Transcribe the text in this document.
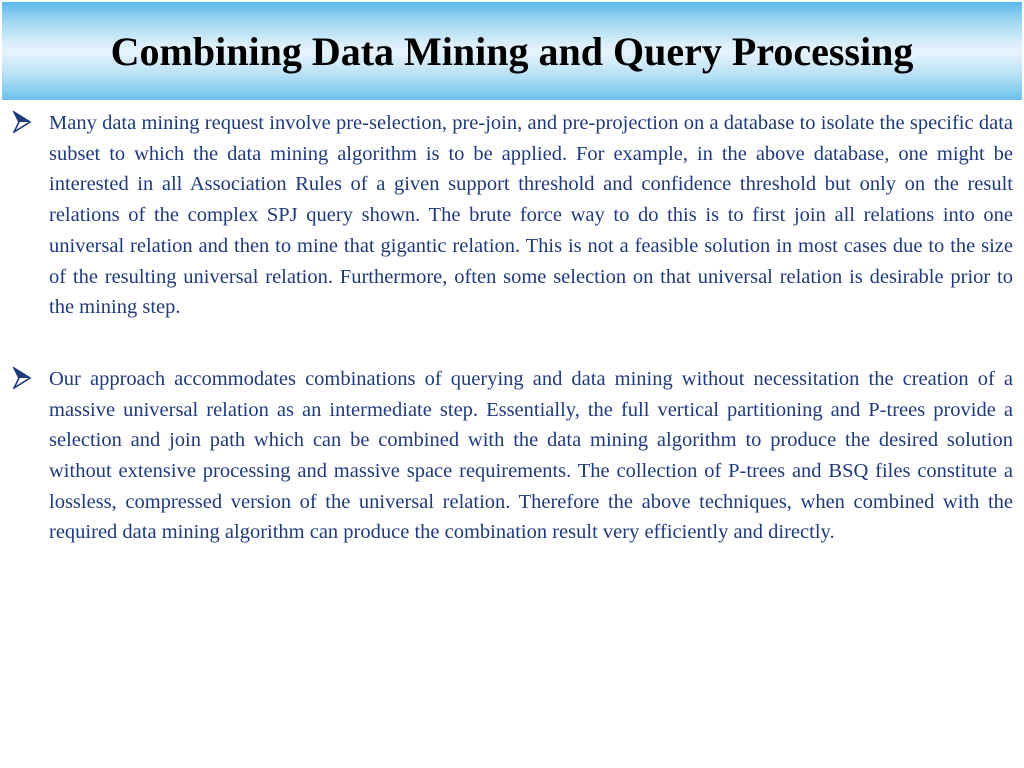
Combining Data Mining and Query Processing

Many data mining request involve pre-selection, pre-join, and pre-projection on a database to isolate the specific data subset to which the data mining algorithm is to be applied. For example, in the above database, one might be interested in all Association Rules of a given support threshold and confidence threshold but only on the result relations of the complex SPJ query shown. The brute force way to do this is to first join all relations into one universal relation and then to mine that gigantic relation. This is not a feasible solution in most cases due to the size of the resulting universal relation. Furthermore, often some selection on that universal relation is desirable prior to the mining step.

Our approach accommodates combinations of querying and data mining without necessitation the creation of a massive universal relation as an intermediate step. Essentially, the full vertical partitioning and P-trees provide a selection and join path which can be combined with the data mining algorithm to produce the desired solution without extensive processing and massive space requirements. The collection of P-trees and BSQ files constitute a lossless, compressed version of the universal relation. Therefore the above techniques, when combined with the required data mining algorithm can produce the combination result very efficiently and directly.
